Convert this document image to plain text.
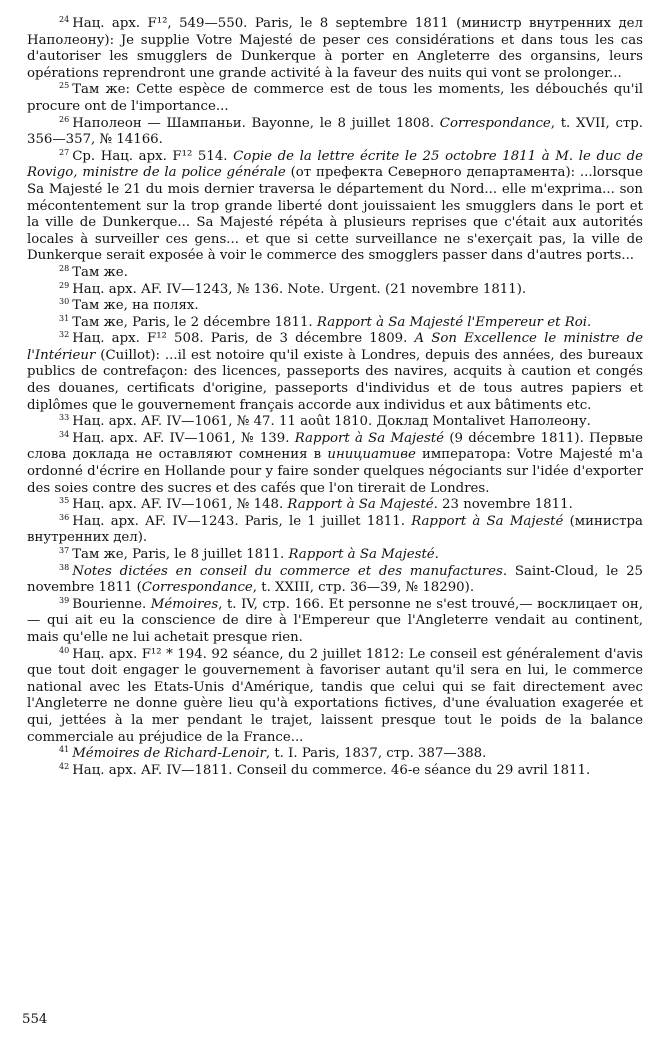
$^{24}$ Нац. арх. F¹², 549—550. Paris, le 8 septembre 1811 (министр внутренних дел Наполеону): Je supplie Votre Majesté de peser ces considérations et dans tous les cas d'autoriser les smugglers de Dunkerque à porter en Angleterre des organsins, leurs opérations reprendront une grande activité à la faveur des nuits qui vont se prolonger...

$^{25}$ Там же: Cette espèce de commerce est de tous les moments, les débouchés qu'il procure ont de l'importance...

$^{26}$ Наполеон — Шампаньи. Bayonne, le 8 juillet 1808. Correspondance, t. XVII, стр. 356—357, № 14166.

$^{27}$ Ср. Нац. арх. F¹² 514. Copie de la lettre écrite le 25 octobre 1811 à M. le duc de Rovigo, ministre de la police générale (от префекта Северного департамента): ...lorsque Sa Majesté le 21 du mois dernier traversa le département du Nord... elle m'exprima... son mécontentement sur la trop grande liberté dont jouissaient les smugglers dans le port et la ville de Dunkerque... Sa Majesté répéta à plusieurs reprises que c'était aux autorités locales à surveiller ces gens... et que si cette surveillance ne s'exerçait pas, la ville de Dunkerque serait exposée à voir le commerce des smogglers passer dans d'autres ports...

$^{28}$ Там же.

$^{29}$ Нац. арх. AF. IV—1243, № 136. Note. Urgent. (21 novembre 1811).

$^{30}$ Там же, на полях.

$^{31}$ Там же, Paris, le 2 décembre 1811. Rapport à Sa Majesté l'Empereur et Roi.

$^{32}$ Нац. арх. F¹² 508. Paris, de 3 décembre 1809. A Son Excellence le ministre de l'Intérieur (Cuillot): ...il est notoire qu'il existe à Londres, depuis des années, des bureaux publics de contrefaçon: des licences, passeports des navires, acquits à caution et congés des douanes, certificats d'origine, passeports d'individus et de tous autres papiers et diplômes que le gouvernement français accorde aux individus et aux bâtiments etc.

$^{33}$ Нац. арх. AF. IV—1061, № 47. 11 août 1810. Доклад Montalivet Наполеону.

$^{34}$ Нац. арх. AF. IV—1061, № 139. Rapport à Sa Majesté (9 décembre 1811). Первые слова доклада не оставляют сомнения в инициативе императора: Votre Majesté m'a ordonné d'écrire en Hollande pour y faire sonder quelques négociants sur l'idée d'exporter des soies contre des sucres et des cafés que l'on tirerait de Londres.

$^{35}$ Нац. арх. AF. IV—1061, № 148. Rapport à Sa Majesté. 23 novembre 1811.

$^{36}$ Нац. арх. AF. IV—1243. Paris, le 1 juillet 1811. Rapport à Sa Majesté (министра внутренних дел).

$^{37}$ Там же, Paris, le 8 juillet 1811. Rapport à Sa Majesté.

$^{38}$ Notes dictées en conseil du commerce et des manufactures. Saint-Cloud, le 25 novembre 1811 (Correspondance, t. XXIII, стр. 36—39, № 18290).

$^{39}$ Bourienne. Mémoires, t. IV, стр. 166. Et personne ne s'est trouvé,— восклицает он,— qui ait eu la conscience de dire à l'Empereur que l'Angleterre vendait au continent, mais qu'elle ne lui achetait presque rien.

$^{40}$ Нац. арх. F¹² * 194. 92 séance, du 2 juillet 1812: Le conseil est généralement d'avis que tout doit engager le gouvernement à favoriser autant qu'il sera en lui, le commerce national avec les Etats-Unis d'Amérique, tandis que celui qui se fait directement avec l'Angleterre ne donne guère lieu qu'à exportations fictives, d'une évaluation exagerée et qui, jettées à la mer pendant le trajet, laissent presque tout le poids de la balance commerciale au préjudice de la France...

$^{41}$ Mémoires de Richard-Lenoir, t. I. Paris, 1837, стр. 387—388.

$^{42}$ Нац. арх. AF. IV—1811. Conseil du commerce. 46-e séance du 29 avril 1811.

554
